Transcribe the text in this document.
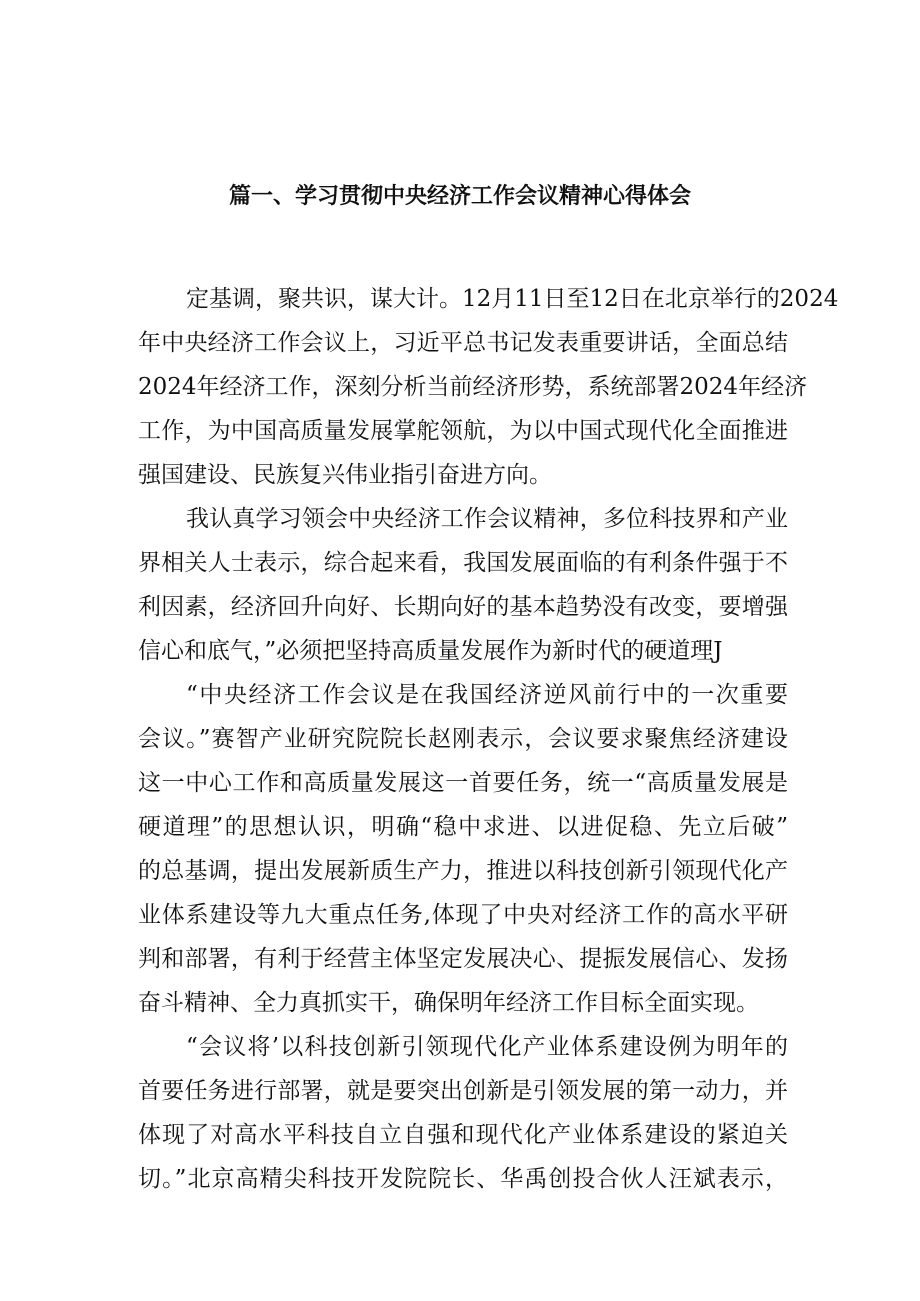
篇一、学习贯彻中央经济工作会议精神心得体会

定基调，聚共识，谋大计。12月11日至12日在北京举行的2024

年中央经济工作会议上，习近平总书记发表重要讲话，全面总结

2024年经济工作，深刻分析当前经济形势，系统部署2024年经济

工作，为中国高质量发展掌舵领航，为以中国式现代化全面推进

强国建设、民族复兴伟业指引奋进方向。

我认真学习领会中央经济工作会议精神，多位科技界和产业

界相关人士表示，综合起来看，我国发展面临的有利条件强于不

利因素，经济回升向好、长期向好的基本趋势没有改变，要增强

信心和底气，”必须把坚持高质量发展作为新时代的硬道理J

“中央经济工作会议是在我国经济逆风前行中的一次重要

会议。”赛智产业研究院院长赵刚表示，会议要求聚焦经济建设

这一中心工作和高质量发展这一首要任务，统一“高质量发展是

硬道理”的思想认识，明确“稳中求进、以进促稳、先立后破”

的总基调，提出发展新质生产力，推进以科技创新引领现代化产

业体系建设等九大重点任务,体现了中央对经济工作的高水平研

判和部署，有利于经营主体坚定发展决心、提振发展信心、发扬

奋斗精神、全力真抓实干，确保明年经济工作目标全面实现。

“会议将’以科技创新引领现代化产业体系建设例为明年的

首要任务进行部署，就是要突出创新是引领发展的第一动力，并

体现了对高水平科技自立自强和现代化产业体系建设的紧迫关

切。”北京高精尖科技开发院院长、华禹创投合伙人汪斌表示，
